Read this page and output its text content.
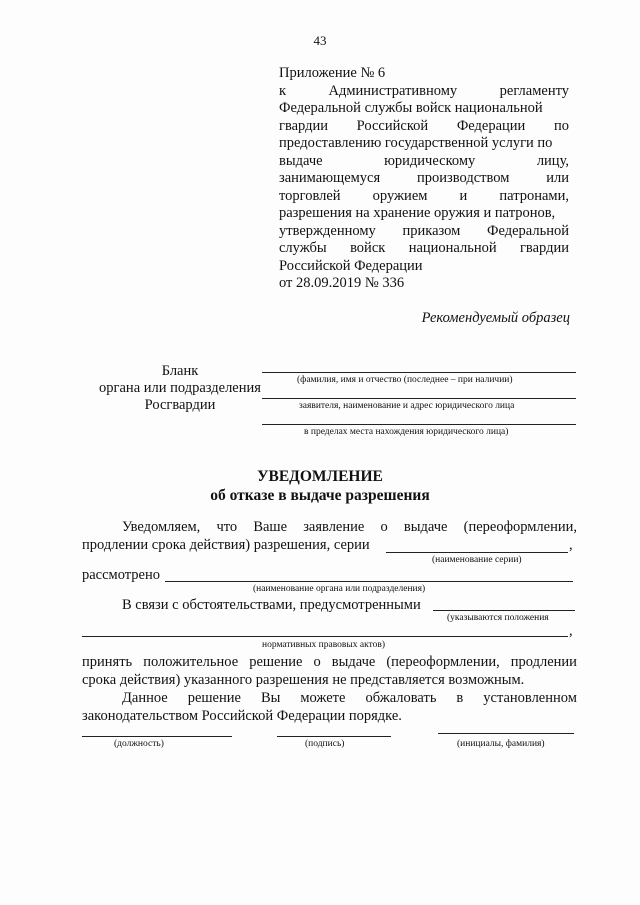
43
Приложение № 6
к	Административному	регламенту
Федеральной службы войск национальной
гвардии Российской Федерации по
предоставлению государственной услуги по
выдаче	юридическому	лицу,
занимающемуся	производством	или
торговлей оружием и патронами,
разрешения на хранение оружия и патронов,
утвержденному приказом Федеральной
службы войск национальной гвардии
Российской Федерации
от 28.09.2019 № 336
Рекомендуемый образец
Бланк
органа или подразделения
Росгвардии
(фамилия, имя и отчество (последнее – при наличии)
заявителя, наименование и адрес юридического лица
в пределах места нахождения юридического лица)
УВЕДОМЛЕНИЕ
об отказе в выдаче разрешения
Уведомляем, что Ваше заявление о выдаче (переоформлении,
продлении срока действия) разрешения, серии	,
(наименование серии)
рассмотрено
(наименование органа или подразделения)
В связи с обстоятельствами, предусмотренными
(указываются положения
,
нормативных правовых актов)
принять положительное решение о выдаче (переоформлении, продлении
срока действия) указанного разрешения не представляется возможным.
Данное решение Вы можете обжаловать в установленном
законодательством Российской Федерации порядке.
(должность)	(подпись)	(инициалы, фамилия)
